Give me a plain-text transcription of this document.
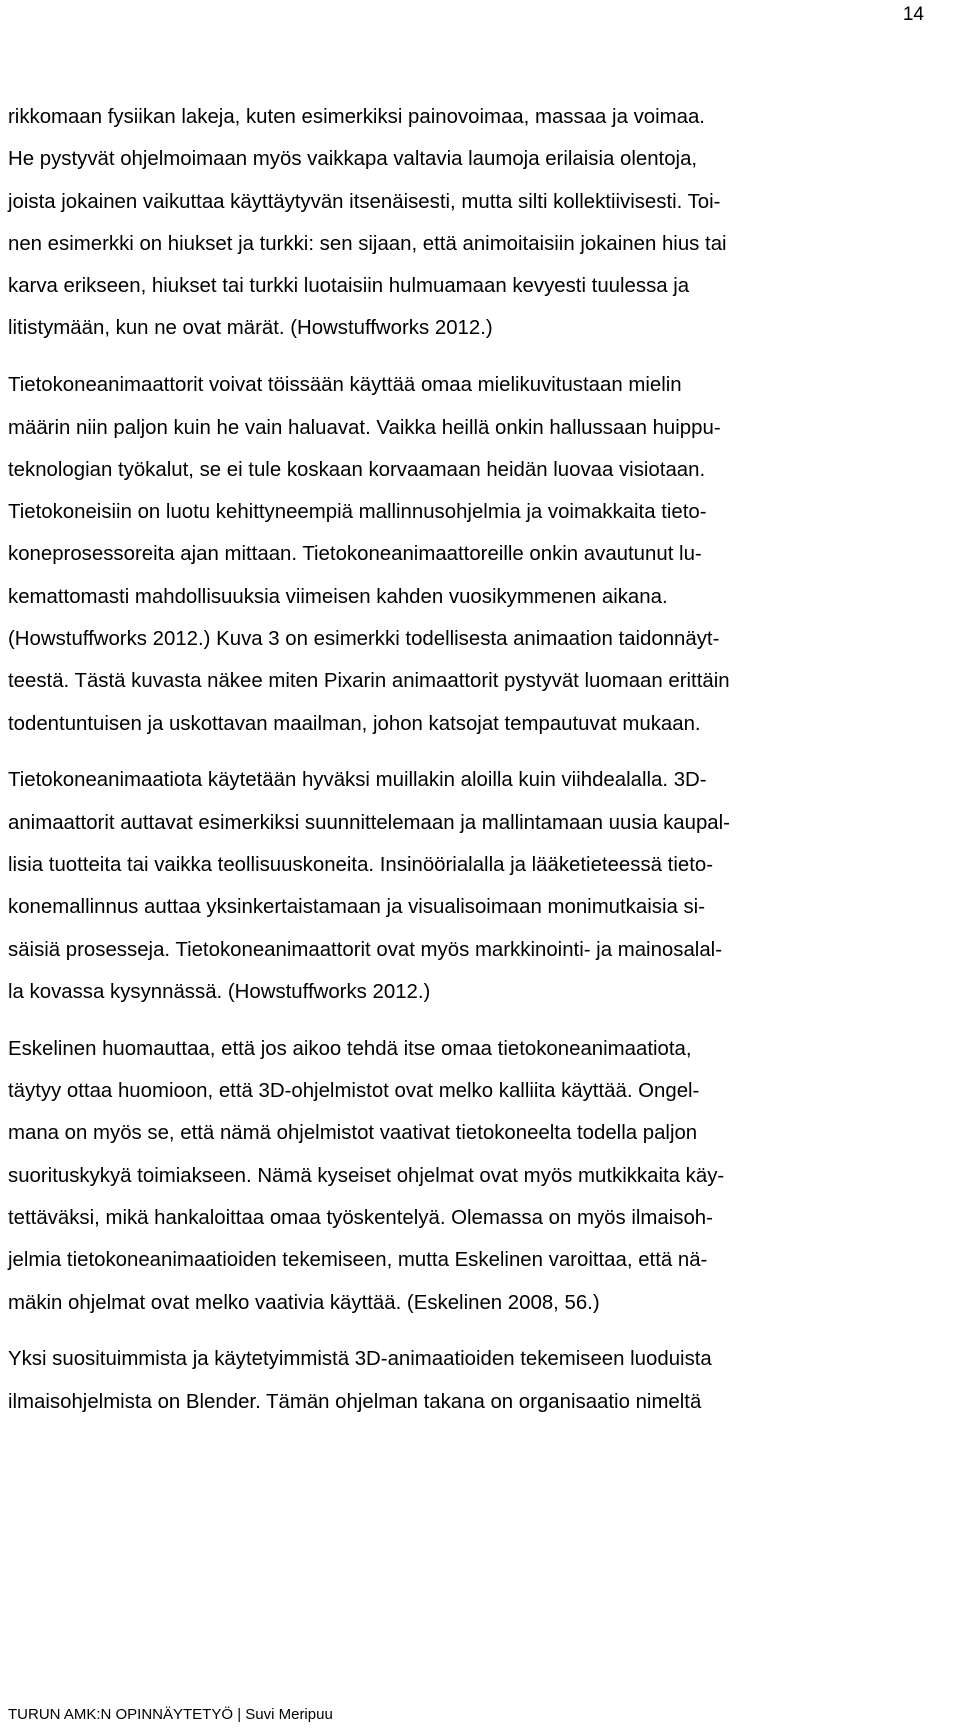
14

rikkomaan fysiikan lakeja, kuten esimerkiksi painovoimaa, massaa ja voimaa.
He pystyvät ohjelmoimaan myös vaikkapa valtavia laumoja erilaisia olentoja,
joista jokainen vaikuttaa käyttäytyvän itsenäisesti, mutta silti kollektiivisesti. Toi-
nen esimerkki on hiukset ja turkki: sen sijaan, että animoitaisiin jokainen hius tai
karva erikseen, hiukset tai turkki luotaisiin hulmuamaan kevyesti tuulessa ja
litistymään, kun ne ovat märät. (Howstuffworks 2012.)

Tietokoneanimaattorit voivat töissään käyttää omaa mielikuvitustaan mielin
määrin niin paljon kuin he vain haluavat. Vaikka heillä onkin hallussaan huippu-
teknologian työkalut, se ei tule koskaan korvaamaan heidän luovaa visiotaan.
Tietokoneisiin on luotu kehittyneempiä mallinnusohjelmia ja voimakkaita tieto-
koneprosessoreita ajan mittaan. Tietokoneanimaattoreille onkin avautunut lu-
kemattomasti mahdollisuuksia viimeisen kahden vuosikymmenen aikana.
(Howstuffworks 2012.) Kuva 3 on esimerkki todellisesta animaation taidonnäyt-
teestä. Tästä kuvasta näkee miten Pixarin animaattorit pystyvät luomaan erittäin
todentuntuisen ja uskottavan maailman, johon katsojat tempautuvat mukaan.

Tietokoneanimaatiota käytetään hyväksi muillakin aloilla kuin viihdealalla. 3D-
animaattorit auttavat esimerkiksi suunnittelemaan ja mallintamaan uusia kaupal-
lisia tuotteita tai vaikka teollisuuskoneita. Insinöörialalla ja lääketieteessä tieto-
konemallinnus auttaa yksinkertaistamaan ja visualisoimaan monimutkaisia si-
säisiä prosesseja. Tietokoneanimaattorit ovat myös markkinointi- ja mainosalal-
la kovassa kysynnässä. (Howstuffworks 2012.)

Eskelinen huomauttaa, että jos aikoo tehdä itse omaa tietokoneanimaatiota,
täytyy ottaa huomioon, että 3D-ohjelmistot ovat melko kalliita käyttää. Ongel-
mana on myös se, että nämä ohjelmistot vaativat tietokoneelta todella paljon
suorituskykyä toimiakseen. Nämä kyseiset ohjelmat ovat myös mutkikkaita käy-
tettäväksi, mikä hankaloittaa omaa työskentelyä. Olemassa on myös ilmaisoh-
jelmia tietokoneanimaatioiden tekemiseen, mutta Eskelinen varoittaa, että nä-
mäkin ohjelmat ovat melko vaativia käyttää. (Eskelinen 2008, 56.)

Yksi suosituimmista ja käytetyimmistä 3D-animaatioiden tekemiseen luoduista
ilmaisohjelmista on Blender. Tämän ohjelman takana on organisaatio nimeltä

TURUN AMK:N OPINNÄYTETYÖ | Suvi Meripuu
